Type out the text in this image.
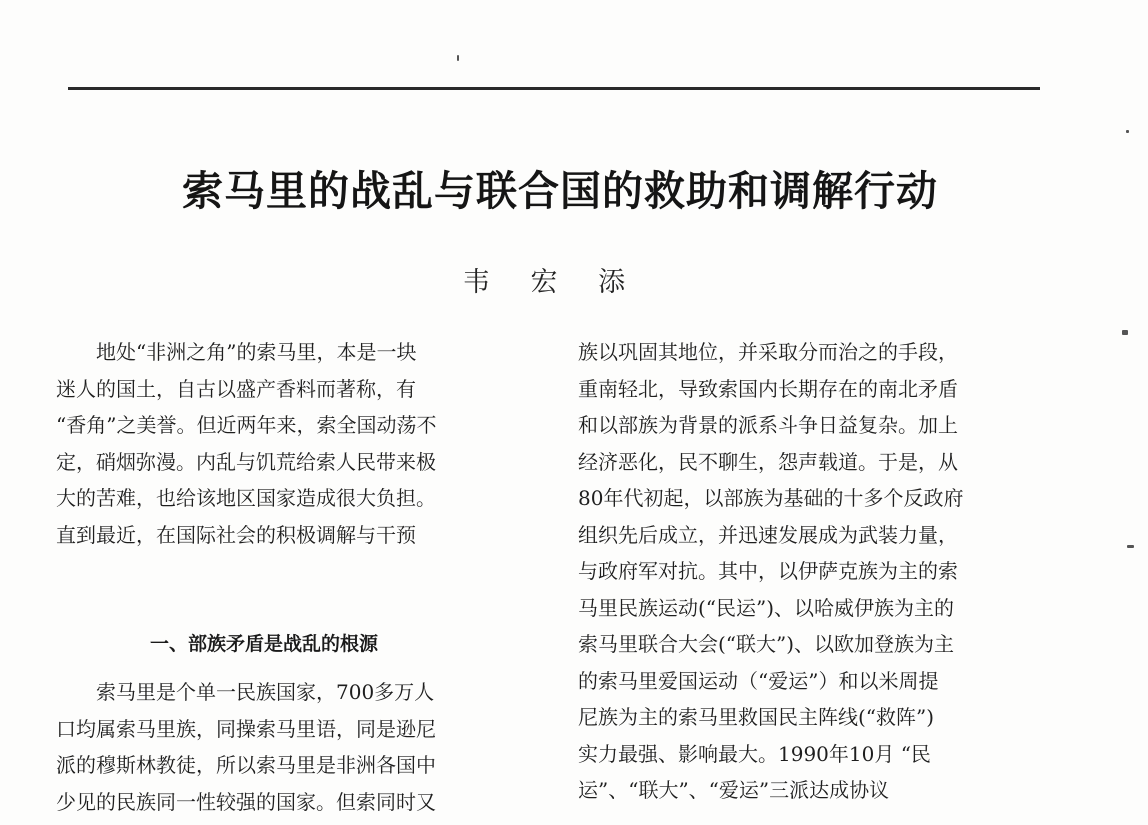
索马里的战乱与联合国的救助和调解行动
韦 宏 添

　　地处“非洲之角”的索马里，本是一块

迷人的国土，自古以盛产香料而著称，有

“香角”之美誉。但近两年来，索全国动荡不

定，硝烟弥漫。内乱与饥荒给索人民带来极

大的苦难，也给该地区国家造成很大负担。

直到最近，在国际社会的积极调解与干预

一、部族矛盾是战乱的根源

　　索马里是个单一民族国家，700多万人

口均属索马里族，同操索马里语，同是逊尼

派的穆斯林教徒，所以索马里是非洲各国中

少见的民族同一性较强的国家。但索同时又

族以巩固其地位，并采取分而治之的手段，

重南轻北，导致索国内长期存在的南北矛盾

和以部族为背景的派系斗争日益复杂。加上

经济恶化，民不聊生，怨声载道。于是，从

80年代初起，以部族为基础的十多个反政府

组织先后成立，并迅速发展成为武装力量，

与政府军对抗。其中，以伊萨克族为主的索

马里民族运动(“民运”)、以哈威伊族为主的

索马里联合大会(“联大”)、以欧加登族为主

的索马里爱国运动（“爱运”）和以米周提

尼族为主的索马里救国民主阵线(“救阵”)

实力最强、影响最大。1990年10月 “民

运”、“联大”、“爱运”三派达成协议
